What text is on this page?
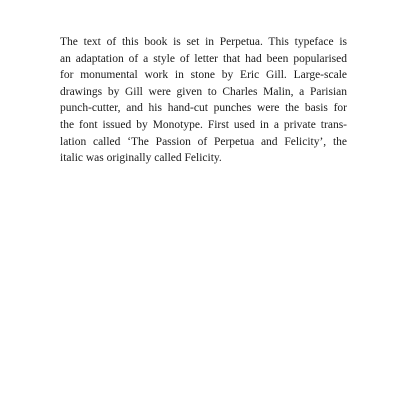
The text of this book is set in Perpetua. This typeface is
an adaptation of a style of letter that had been popularised
for monumental work in stone by Eric Gill. Large-scale
drawings by Gill were given to Charles Malin, a Parisian
punch-cutter, and his hand-cut punches were the basis for
the font issued by Monotype. First used in a private trans-
lation called ‘The Passion of Perpetua and Felicity’, the
italic was originally called Felicity.
